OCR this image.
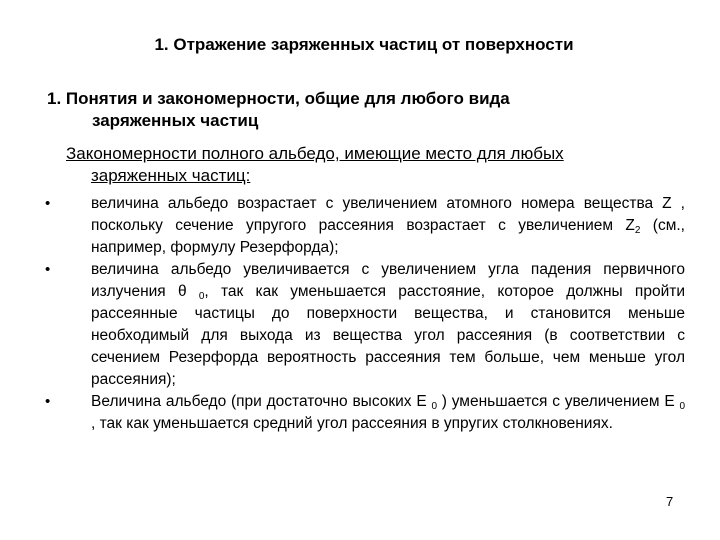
1. Отражение заряженных частиц от поверхности
1. Понятия и закономерности, общие для любого вида
заряженных частиц
Закономерности полного альбедо, имеющие место для любых
заряженных частиц:
•	величина альбедо возрастает с увеличением атомного номера вещества Z , поскольку сечение упругого рассеяния возрастает с увеличением $Z_2$ (см., например, формулу Резерфорда);
•	величина альбедо увеличивается с увеличением угла падения первичного излучения θ $_0$, так как уменьшается расстояние, которое должны пройти рассеянные частицы до поверхности вещества, и становится меньше необходимый для выхода из вещества угол рассеяния (в соответствии с сечением Резерфорда вероятность рассеяния тем больше, чем меньше угол рассеяния);
•	Величина альбедо (при достаточно высоких E $_0$ ) уменьшается с увеличением E $_0$ , так как уменьшается средний угол рассеяния в упругих столкновениях.
7
